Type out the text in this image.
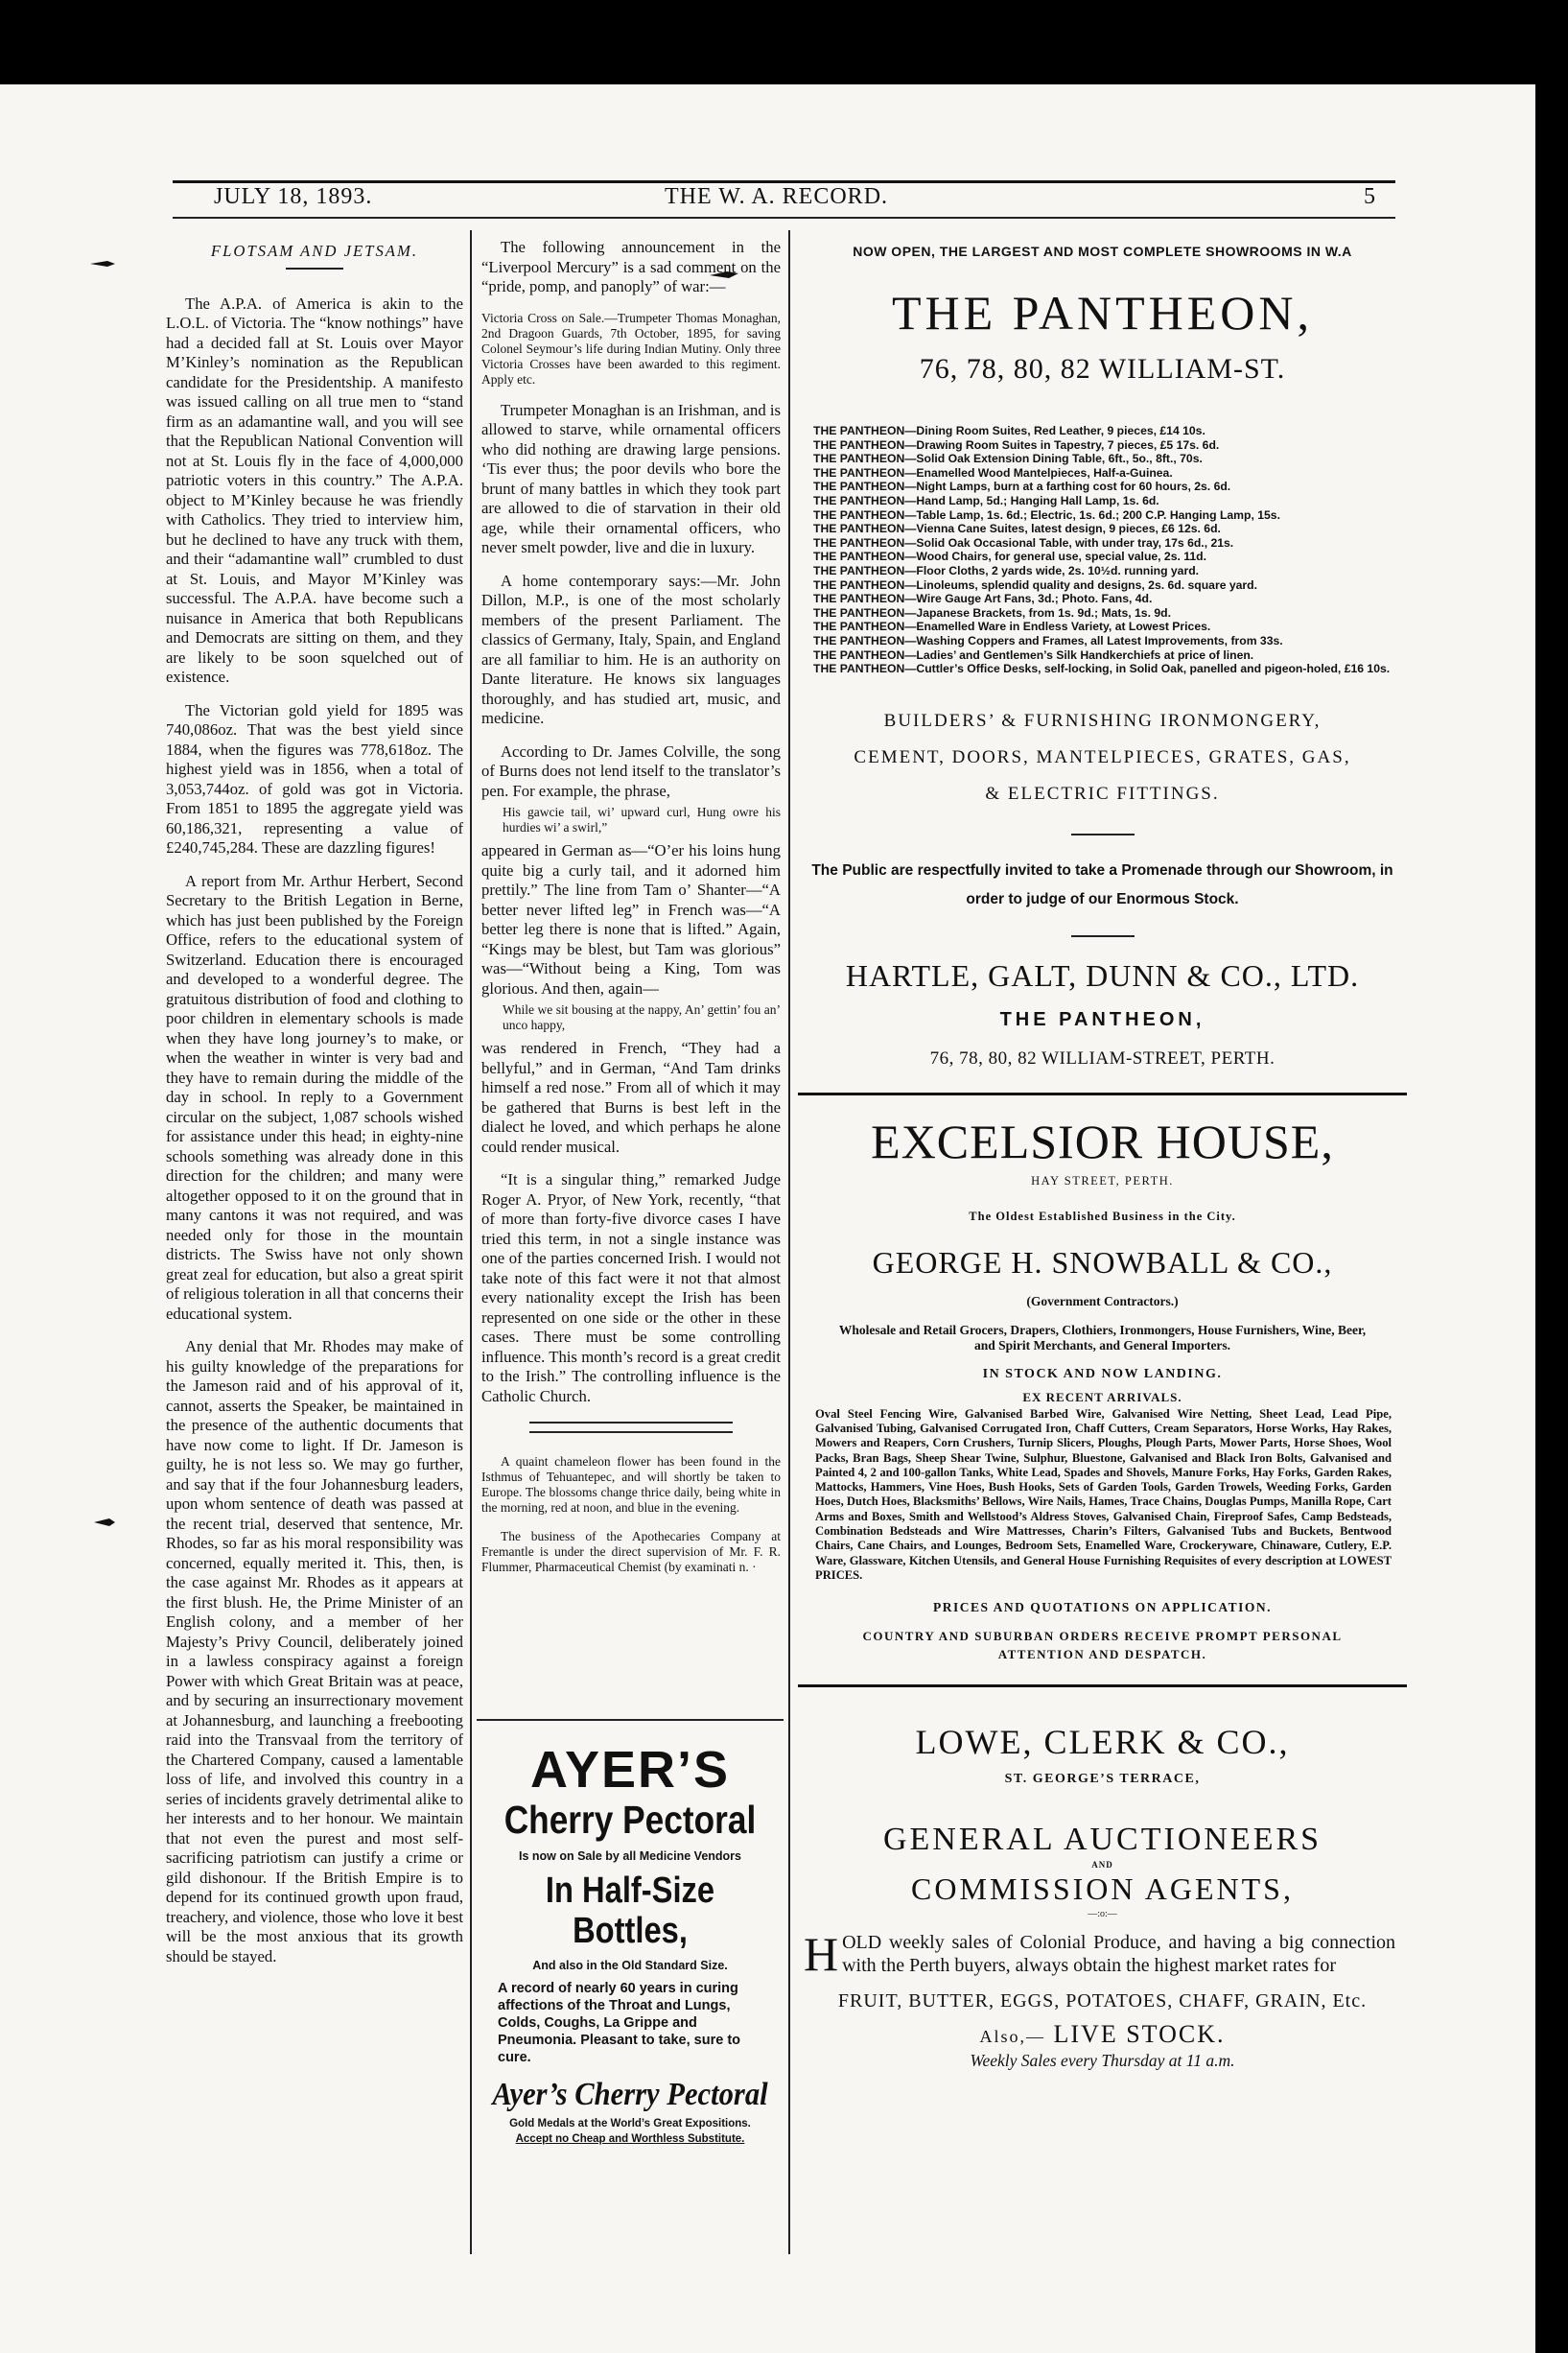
JULY 18, 1893.	THE W. A. RECORD.	5

FLOTSAM AND JETSAM.

The A.P.A. of America is akin to the L.O.L. of Victoria. The “know nothings” have had a decided fall at St. Louis over Mayor M’Kinley’s nomination as the Republican candidate for the Presidentship. A manifesto was issued calling on all true men to “stand firm as an adamantine wall, and you will see that the Republican National Convention will not at St. Louis fly in the face of 4,000,000 patriotic voters in this country.” The A.P.A. object to M’Kinley because he was friendly with Catholics. They tried to interview him, but he declined to have any truck with them, and their “adamantine wall” crumbled to dust at St. Louis, and Mayor M’Kinley was successful. The A.P.A. have become such a nuisance in America that both Republicans and Democrats are sitting on them, and they are likely to be soon squelched out of existence.

The Victorian gold yield for 1895 was 740,086oz. That was the best yield since 1884, when the figures was 778,618oz. The highest yield was in 1856, when a total of 3,053,744oz. of gold was got in Victoria. From 1851 to 1895 the aggregate yield was 60,186,321, representing a value of £240,745,284. These are dazzling figures!

A report from Mr. Arthur Herbert, Second Secretary to the British Legation in Berne, which has just been published by the Foreign Office, refers to the educational system of Switzerland. Education there is encouraged and developed to a wonderful degree. The gratuitous distribution of food and clothing to poor children in elementary schools is made when they have long journey’s to make, or when the weather in winter is very bad and they have to remain during the middle of the day in school. In reply to a Government circular on the subject, 1,087 schools wished for assistance under this head; in eighty-nine schools something was already done in this direction for the children; and many were altogether opposed to it on the ground that in many cantons it was not required, and was needed only for those in the mountain districts. The Swiss have not only shown great zeal for education, but also a great spirit of religious toleration in all that concerns their educational system.

Any denial that Mr. Rhodes may make of his guilty knowledge of the preparations for the Jameson raid and of his approval of it, cannot, asserts the Speaker, be maintained in the presence of the authentic documents that have now come to light. If Dr. Jameson is guilty, he is not less so. We may go further, and say that if the four Johannesburg leaders, upon whom sentence of death was passed at the recent trial, deserved that sentence, Mr. Rhodes, so far as his moral responsibility was concerned, equally merited it. This, then, is the case against Mr. Rhodes as it appears at the first blush. He, the Prime Minister of an English colony, and a member of her Majesty’s Privy Council, deliberately joined in a lawless conspiracy against a foreign Power with which Great Britain was at peace, and by securing an insurrectionary movement at Johannesburg, and launching a freebooting raid into the Transvaal from the territory of the Chartered Company, caused a lamentable loss of life, and involved this country in a series of incidents gravely detrimental alike to her interests and to her honour. We maintain that not even the purest and most self-sacrificing patriotism can justify a crime or gild dishonour. If the British Empire is to depend for its continued growth upon fraud, treachery, and violence, those who love it best will be the most anxious that its growth should be stayed.

The following announcement in the “Liverpool Mercury” is a sad comment on the “pride, pomp, and panoply” of war:—

Victoria Cross on Sale.—Trumpeter Thomas Monaghan, 2nd Dragoon Guards, 7th October, 1895, for saving Colonel Seymour’s life during Indian Mutiny. Only three Victoria Crosses have been awarded to this regiment. Apply etc.

Trumpeter Monaghan is an Irishman, and is allowed to starve, while ornamental officers who did nothing are drawing large pensions. ‘Tis ever thus; the poor devils who bore the brunt of many battles in which they took part are allowed to die of starvation in their old age, while their ornamental officers, who never smelt powder, live and die in luxury.

A home contemporary says:—Mr. John Dillon, M.P., is one of the most scholarly members of the present Parliament. The classics of Germany, Italy, Spain, and England are all familiar to him. He is an authority on Dante literature. He knows six languages thoroughly, and has studied art, music, and medicine.

According to Dr. James Colville, the song of Burns does not lend itself to the translator’s pen. For example, the phrase,

His gawcie tail, wi’ upward curl, Hung owre his hurdies wi’ a swirl,”

appeared in German as—“O’er his loins hung quite big a curly tail, and it adorned him prettily.” The line from Tam o’ Shanter—“A better never lifted leg” in French was—“A better leg there is none that is lifted.” Again, “Kings may be blest, but Tam was glorious” was—“Without being a King, Tom was glorious. And then, again—

While we sit bousing at the nappy, An’ gettin’ fou an’ unco happy,

was rendered in French, “They had a bellyful,” and in German, “And Tam drinks himself a red nose.” From all of which it may be gathered that Burns is best left in the dialect he loved, and which perhaps he alone could render musical.

“It is a singular thing,” remarked Judge Roger A. Pryor, of New York, recently, “that of more than forty-five divorce cases I have tried this term, in not a single instance was one of the parties concerned Irish. I would not take note of this fact were it not that almost every nationality except the Irish has been represented on one side or the other in these cases. There must be some controlling influence. This month’s record is a great credit to the Irish.” The controlling influence is the Catholic Church.

A quaint chameleon flower has been found in the Isthmus of Tehuantepec, and will shortly be taken to Europe. The blossoms change thrice daily, being white in the morning, red at noon, and blue in the evening.

The business of the Apothecaries Company at Fremantle is under the direct supervision of Mr. F. R. Flummer, Pharmaceutical Chemist (by examinati n. ·

AYER’S
Cherry Pectoral
Is now on Sale by all Medicine Vendors
In Half-Size Bottles,
And also in the Old Standard Size.
A record of nearly 60 years in curing affections of the Throat and Lungs, Colds, Coughs, La Grippe and Pneumonia. Pleasant to take, sure to cure.
Ayer’s Cherry Pectoral
Gold Medals at the World’s Great Expositions.
Accept no Cheap and Worthless Substitute.
NOW OPEN, THE LARGEST AND MOST COMPLETE SHOWROOMS IN W.A
THE PANTHEON,
76, 78, 80, 82 WILLIAM-ST.
THE PANTHEON—Dining Room Suites, Red Leather, 9 pieces, £14 10s.
THE PANTHEON—Drawing Room Suites in Tapestry, 7 pieces, £5 17s. 6d.
THE PANTHEON—Solid Oak Extension Dining Table, 6ft., 5o., 8ft., 70s.
THE PANTHEON—Enamelled Wood Mantelpieces, Half-a-Guinea.
THE PANTHEON—Night Lamps, burn at a farthing cost for 60 hours, 2s. 6d.
THE PANTHEON—Hand Lamp, 5d.; Hanging Hall Lamp, 1s. 6d.
THE PANTHEON—Table Lamp, 1s. 6d.; Electric, 1s. 6d.; 200 C.P. Hanging Lamp, 15s.
THE PANTHEON—Vienna Cane Suites, latest design, 9 pieces, £6 12s. 6d.
THE PANTHEON—Solid Oak Occasional Table, with under tray, 17s 6d., 21s.
THE PANTHEON—Wood Chairs, for general use, special value, 2s. 11d.
THE PANTHEON—Floor Cloths, 2 yards wide, 2s. 10½d. running yard.
THE PANTHEON—Linoleums, splendid quality and designs, 2s. 6d. square yard.
THE PANTHEON—Wire Gauge Art Fans, 3d.; Photo. Fans, 4d.
THE PANTHEON—Japanese Brackets, from 1s. 9d.; Mats, 1s. 9d.
THE PANTHEON—Enamelled Ware in Endless Variety, at Lowest Prices.
THE PANTHEON—Washing Coppers and Frames, all Latest Improvements, from 33s.
THE PANTHEON—Ladies’ and Gentlemen’s Silk Handkerchiefs at price of linen.
THE PANTHEON—Cuttler’s Office Desks, self-locking, in Solid Oak, panelled and pigeon-holed, £16 10s.
BUILDERS’ & FURNISHING IRONMONGERY, CEMENT, DOORS, MANTELPIECES, GRATES, GAS, & ELECTRIC FITTINGS.
The Public are respectfully invited to take a Promenade through our Showroom, in order to judge of our Enormous Stock.
HARTLE, GALT, DUNN & CO., LTD.
THE PANTHEON,
76, 78, 80, 82 WILLIAM-STREET, PERTH.
EXCELSIOR HOUSE,
HAY STREET, PERTH.
The Oldest Established Business in the City.
GEORGE H. SNOWBALL & CO.,
(Government Contractors.)
Wholesale and Retail Grocers, Drapers, Clothiers, Ironmongers, House Furnishers, Wine, Beer, and Spirit Merchants, and General Importers.
IN STOCK AND NOW LANDING.
EX RECENT ARRIVALS.
Oval Steel Fencing Wire, Galvanised Barbed Wire, Galvanised Wire Netting, Sheet Lead, Lead Pipe, Galvanised Tubing, Galvanised Corrugated Iron, Chaff Cutters, Cream Separators, Horse Works, Hay Rakes, Mowers and Reapers, Corn Crushers, Turnip Slicers, Ploughs, Plough Parts, Mower Parts, Horse Shoes, Wool Packs, Bran Bags, Sheep Shear Twine, Sulphur, Bluestone, Galvanised and Black Iron Bolts, Galvanised and Painted 4, 2 and 100-gallon Tanks, White Lead, Spades and Shovels, Manure Forks, Hay Forks, Garden Rakes, Mattocks, Hammers, Vine Hoes, Bush Hooks, Sets of Garden Tools, Garden Trowels, Weeding Forks, Garden Hoes, Dutch Hoes, Blacksmiths’ Bellows, Wire Nails, Hames, Trace Chains, Douglas Pumps, Manilla Rope, Cart Arms and Boxes, Smith and Wellstood’s Aldress Stoves, Galvanised Chain, Fireproof Safes, Camp Bedsteads, Combination Bedsteads and Wire Mattresses, Charin’s Filters, Galvanised Tubs and Buckets, Bentwood Chairs, Cane Chairs, and Lounges, Bedroom Sets, Enamelled Ware, Crockeryware, Chinaware, Cutlery, E.P. Ware, Glassware, Kitchen Utensils, and General House Furnishing Requisites of every description at LOWEST PRICES.
PRICES AND QUOTATIONS ON APPLICATION.
COUNTRY AND SUBURBAN ORDERS RECEIVE PROMPT PERSONAL ATTENTION AND DESPATCH.
LOWE, CLERK & CO.,
ST. GEORGE’S TERRACE,
GENERAL AUCTIONEERS
AND
COMMISSION AGENTS,
—:o:—
H OLD weekly sales of Colonial Produce, and having a big connection with the Perth buyers, always obtain the highest market rates for
FRUIT, BUTTER, EGGS, POTATOES, CHAFF, GRAIN, Etc.
Also,— LIVE STOCK.
Weekly Sales every Thursday at 11 a.m.
